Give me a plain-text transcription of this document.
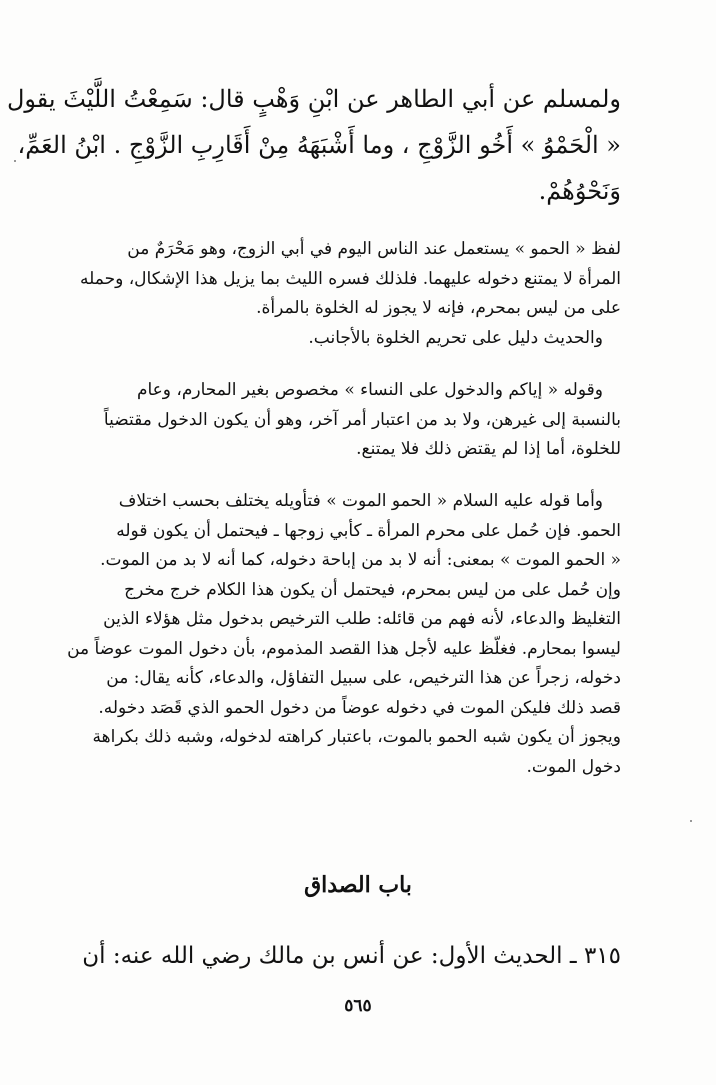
ولمسلم عن أبي الطاهر عن ابْنِ وَهْبٍ قال: سَمِعْتُ اللَّيْثَ يقول
« الْحَمْوُ » أَخُو الزَّوْجِ ، وما أَشْبَهَهُ مِنْ أَقَارِبِ الزَّوْجِ . ابْنُ العَمِّ،
وَنَحْوُهُمْ.
لفظ « الحمو » يستعمل عند الناس اليوم في أبي الزوج، وهو مَحْرَمٌ من
المرأة لا يمتنع دخوله عليهما. فلذلك فسره الليث بما يزيل هذا الإشكال، وحمله
على من ليس بمحرم، فإنه لا يجوز له الخلوة بالمرأة.
والحديث دليل على تحريم الخلوة بالأجانب.
وقوله « إياكم والدخول على النساء » مخصوص بغير المحارم، وعام
بالنسبة إلى غيرهن، ولا بد من اعتبار أمر آخر، وهو أن يكون الدخول مقتضياً
للخلوة، أما إذا لم يقتض ذلك فلا يمتنع.
وأما قوله عليه السلام « الحمو الموت » فتأويله يختلف بحسب اختلاف
الحمو. فإن حُمل على محرم المرأة ـ كأبي زوجها ـ فيحتمل أن يكون قوله
« الحمو الموت » بمعنى: أنه لا بد من إباحة دخوله، كما أنه لا بد من الموت.
وإن حُمل على من ليس بمحرم، فيحتمل أن يكون هذا الكلام خرج مخرج
التغليظ والدعاء، لأنه فهم من قائله: طلب الترخيص بدخول مثل هؤلاء الذين
ليسوا بمحارم. فغلّظ عليه لأجل هذا القصد المذموم، بأن دخول الموت عوضاً من
دخوله، زجراً عن هذا الترخيص، على سبيل التفاؤل، والدعاء، كأنه يقال: من
قصد ذلك فليكن الموت في دخوله عوضاً من دخول الحمو الذي قَصَد دخوله.
ويجوز أن يكون شبه الحمو بالموت، باعتبار كراهته لدخوله، وشبه ذلك بكراهة
دخول الموت.
باب الصداق
٣١٥ ـ الحديث الأول: عن أنس بن مالك رضي الله عنه: أن
٥٦٥
